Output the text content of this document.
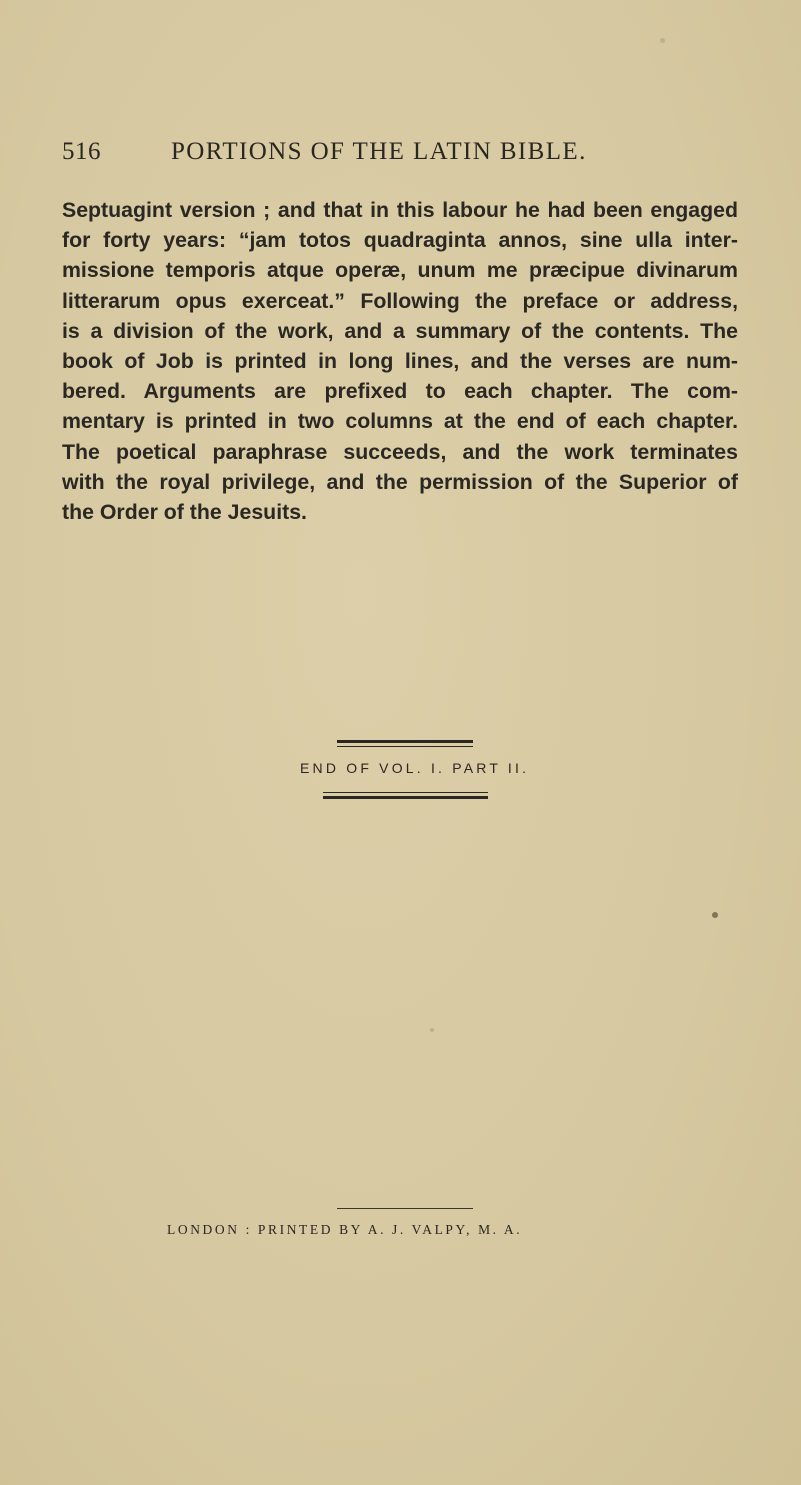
516	PORTIONS OF THE LATIN BIBLE.
Septuagint version ; and that in this labour he had been engaged
for forty years: “jam totos quadraginta annos, sine ulla inter-
missione temporis atque operæ, unum me præcipue divinarum
litterarum opus exerceat.” Following the preface or address,
is a division of the work, and a summary of the contents. The
book of Job is printed in long lines, and the verses are num-
bered. Arguments are prefixed to each chapter. The com-
mentary is printed in two columns at the end of each chapter.
The poetical paraphrase succeeds, and the work terminates
with the royal privilege, and the permission of the Superior of
the Order of the Jesuits.
END OF VOL. I. PART II.
LONDON : PRINTED BY A. J. VALPY, M. A.
